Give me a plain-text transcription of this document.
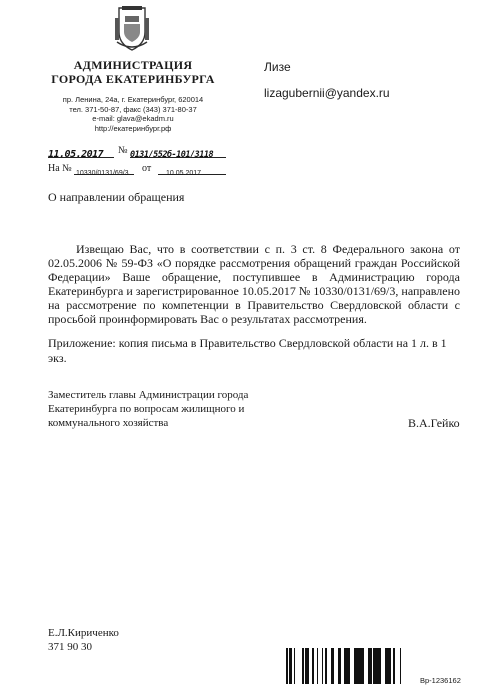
АДМИНИСТРАЦИЯ
ГОРОДА ЕКАТЕРИНБУРГА
пр. Ленина, 24а, г. Екатеринбург, 620014
тел. 371-50-87, факс (343) 371-80-37
e-mail: glava@ekadm.ru
http://екатеринбург.рф
Лизе
lizagubernii@yandex.ru
11.05.2017	№ 0131/552б-101/3118
На № 10330/0131/69/3	от	10.05.2017
О направлении обращения

Извещаю Вас, что в соответствии с п. 3 ст. 8 Федерального закона от 02.05.2006 № 59-ФЗ «О порядке рассмотрения обращений граждан Российской Федерации» Ваше обращение, поступившее в Администрацию города Екатеринбурга и зарегистрированное 10.05.2017 № 10330/0131/69/3, направлено на рассмотрение по компетенции в Правительство Свердловской области с просьбой проинформировать Вас о результатах рассмотрения.

Приложение: копия письма в Правительство Свердловской области на 1 л. в 1 экз.
Заместитель главы Администрации города
Екатеринбурга по вопросам жилищного и
коммунального хозяйства	В.А.Гейко
Е.Л.Кириченко
371 90 30
Вр-1236162
